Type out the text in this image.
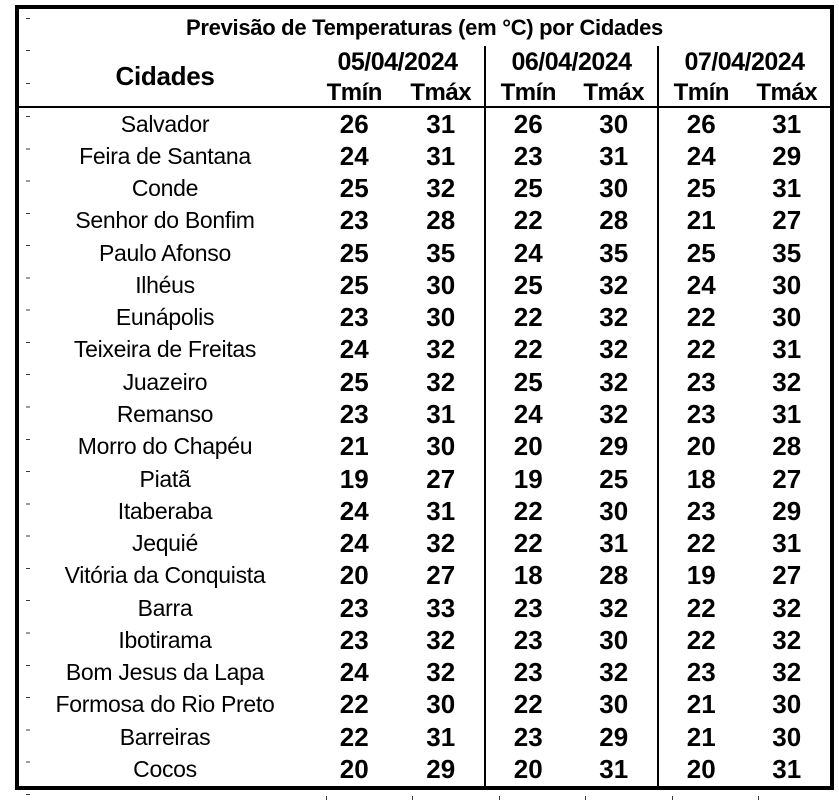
Previsão de Temperaturas (em °C) por Cidades
Cidades	05/04/2024	06/04/2024	07/04/2024
Tmín	Tmáx	Tmín	Tmáx	Tmín	Tmáx
Salvador	26	31	26	30	26	31
Feira de Santana	24	31	23	31	24	29
Conde	25	32	25	30	25	31
Senhor do Bonfim	23	28	22	28	21	27
Paulo Afonso	25	35	24	35	25	35
Ilhéus	25	30	25	32	24	30
Eunápolis	23	30	22	32	22	30
Teixeira de Freitas	24	32	22	32	22	31
Juazeiro	25	32	25	32	23	32
Remanso	23	31	24	32	23	31
Morro do Chapéu	21	30	20	29	20	28
Piatã	19	27	19	25	18	27
Itaberaba	24	31	22	30	23	29
Jequié	24	32	22	31	22	31
Vitória da Conquista	20	27	18	28	19	27
Barra	23	33	23	32	22	32
Ibotirama	23	32	23	30	22	32
Bom Jesus da Lapa	24	32	23	32	23	32
Formosa do Rio Preto	22	30	22	30	21	30
Barreiras	22	31	23	29	21	30
Cocos	20	29	20	31	20	31
